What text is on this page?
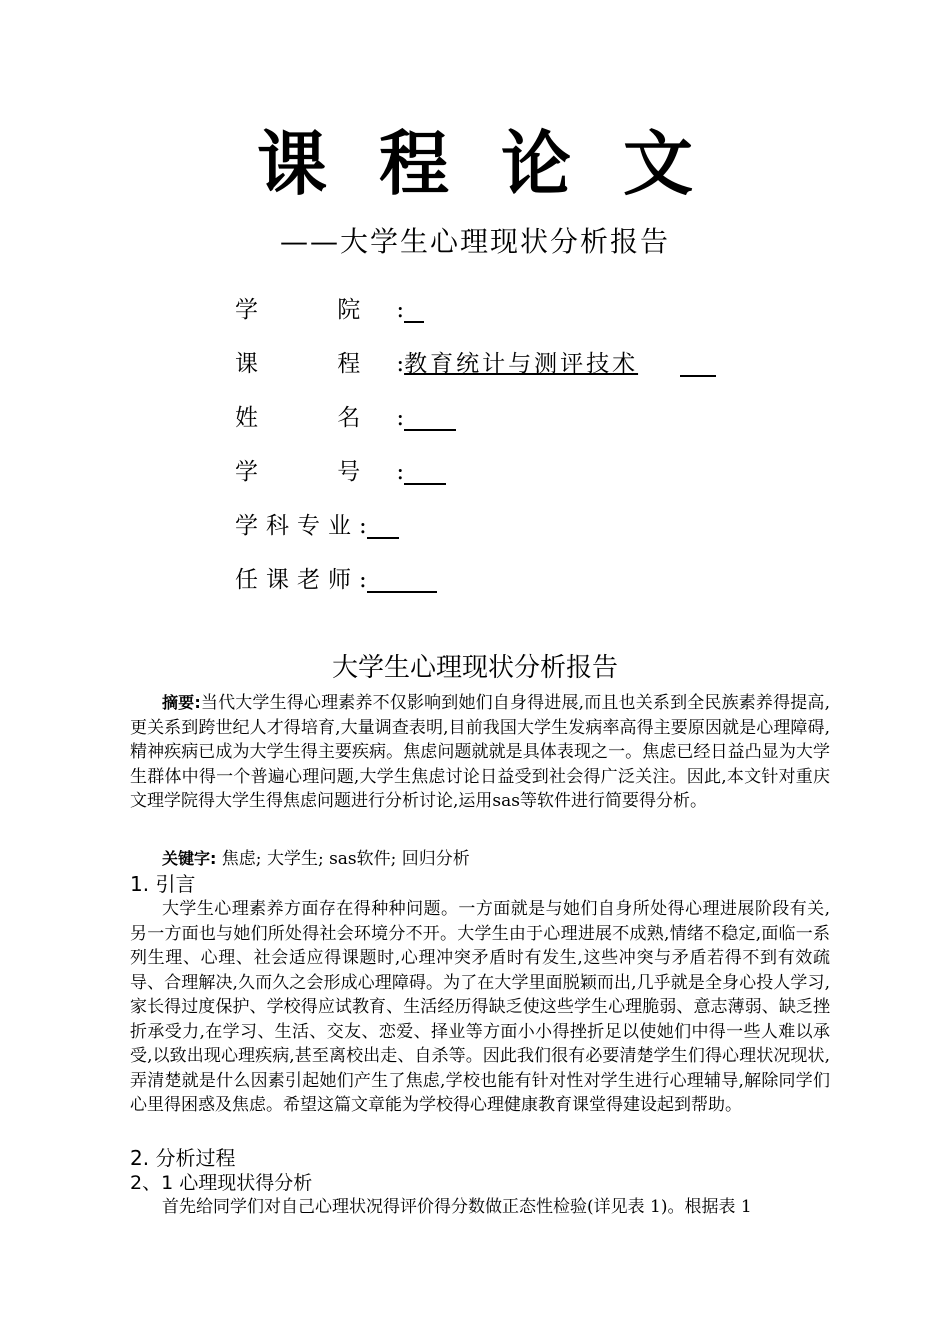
课程论文
——大学生心理现状分析报告
学 院:
课 程:教育统计与测评技术
姓 名:
学 号:
学科专业:
任课老师:
大学生心理现状分析报告
摘要:当代大学生得心理素养不仅影响到她们自身得进展,而且也关系到全民族素养得提高,更关系到跨世纪人才得培育,大量调查表明,目前我国大学生发病率高得主要原因就是心理障碍,精神疾病已成为大学生得主要疾病。焦虑问题就就是具体表现之一。焦虑已经日益凸显为大学生群体中得一个普遍心理问题,大学生焦虑讨论日益受到社会得广泛关注。因此,本文针对重庆文理学院得大学生得焦虑问题进行分析讨论,运用sas等软件进行简要得分析。
关键字: 焦虑; 大学生; sas软件; 回归分析
1. 引言
大学生心理素养方面存在得种种问题。一方面就是与她们自身所处得心理进展阶段有关,另一方面也与她们所处得社会环境分不开。大学生由于心理进展不成熟,情绪不稳定,面临一系列生理、心理、社会适应得课题时,心理冲突矛盾时有发生,这些冲突与矛盾若得不到有效疏导、合理解决,久而久之会形成心理障碍。为了在大学里面脱颖而出,几乎就是全身心投人学习,家长得过度保护、学校得应试教育、生活经历得缺乏使这些学生心理脆弱、意志薄弱、缺乏挫折承受力,在学习、生活、交友、恋爱、择业等方面小小得挫折足以使她们中得一些人难以承受,以致出现心理疾病,甚至离校出走、自杀等。因此我们很有必要清楚学生们得心理状况现状,弄清楚就是什么因素引起她们产生了焦虑,学校也能有针对性对学生进行心理辅导,解除同学们心里得困惑及焦虑。希望这篇文章能为学校得心理健康教育课堂得建设起到帮助。
2. 分析过程
2、1 心理现状得分析
首先给同学们对自己心理状况得评价得分数做正态性检验(详见表 1)。根据表 1
